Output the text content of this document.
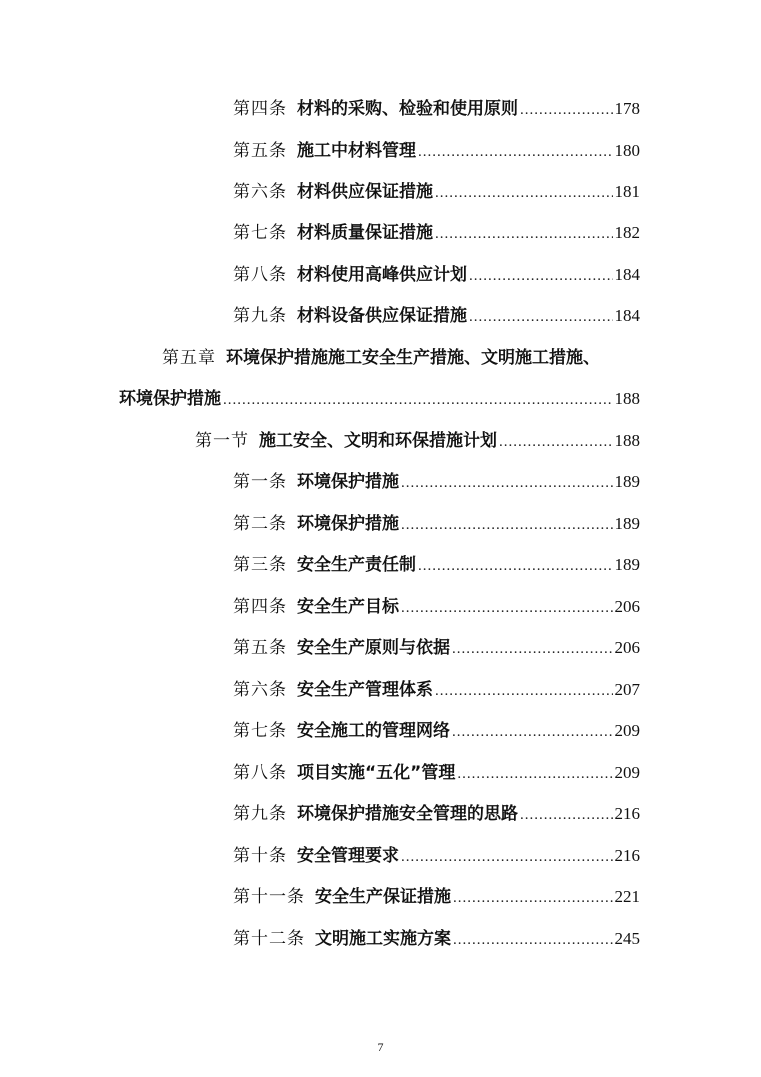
第四条 材料的采购、检验和使用原则 .....	178
第五条 施工中材料管理 .....	180
第六条 材料供应保证措施 .....	181
第七条 材料质量保证措施 .....	182
第八条 材料使用高峰供应计划 .....	184
第九条 材料设备供应保证措施 .....	184
第五章 环境保护措施施工安全生产措施、文明施工措施、
环境保护措施 .....	188
第一节 施工安全、文明和环保措施计划 .....	188
第一条 环境保护措施 .....	189
第二条 环境保护措施 .....	189
第三条 安全生产责任制 .....	189
第四条 安全生产目标 .....	206
第五条 安全生产原则与依据 .....	206
第六条 安全生产管理体系 .....	207
第七条 安全施工的管理网络 .....	209
第八条 项目实施“五化”管理 .....	209
第九条 环境保护措施安全管理的思路 .....	216
第十条 安全管理要求 .....	216
第十一条 安全生产保证措施 .....	221
第十二条 文明施工实施方案 .....	245
7
